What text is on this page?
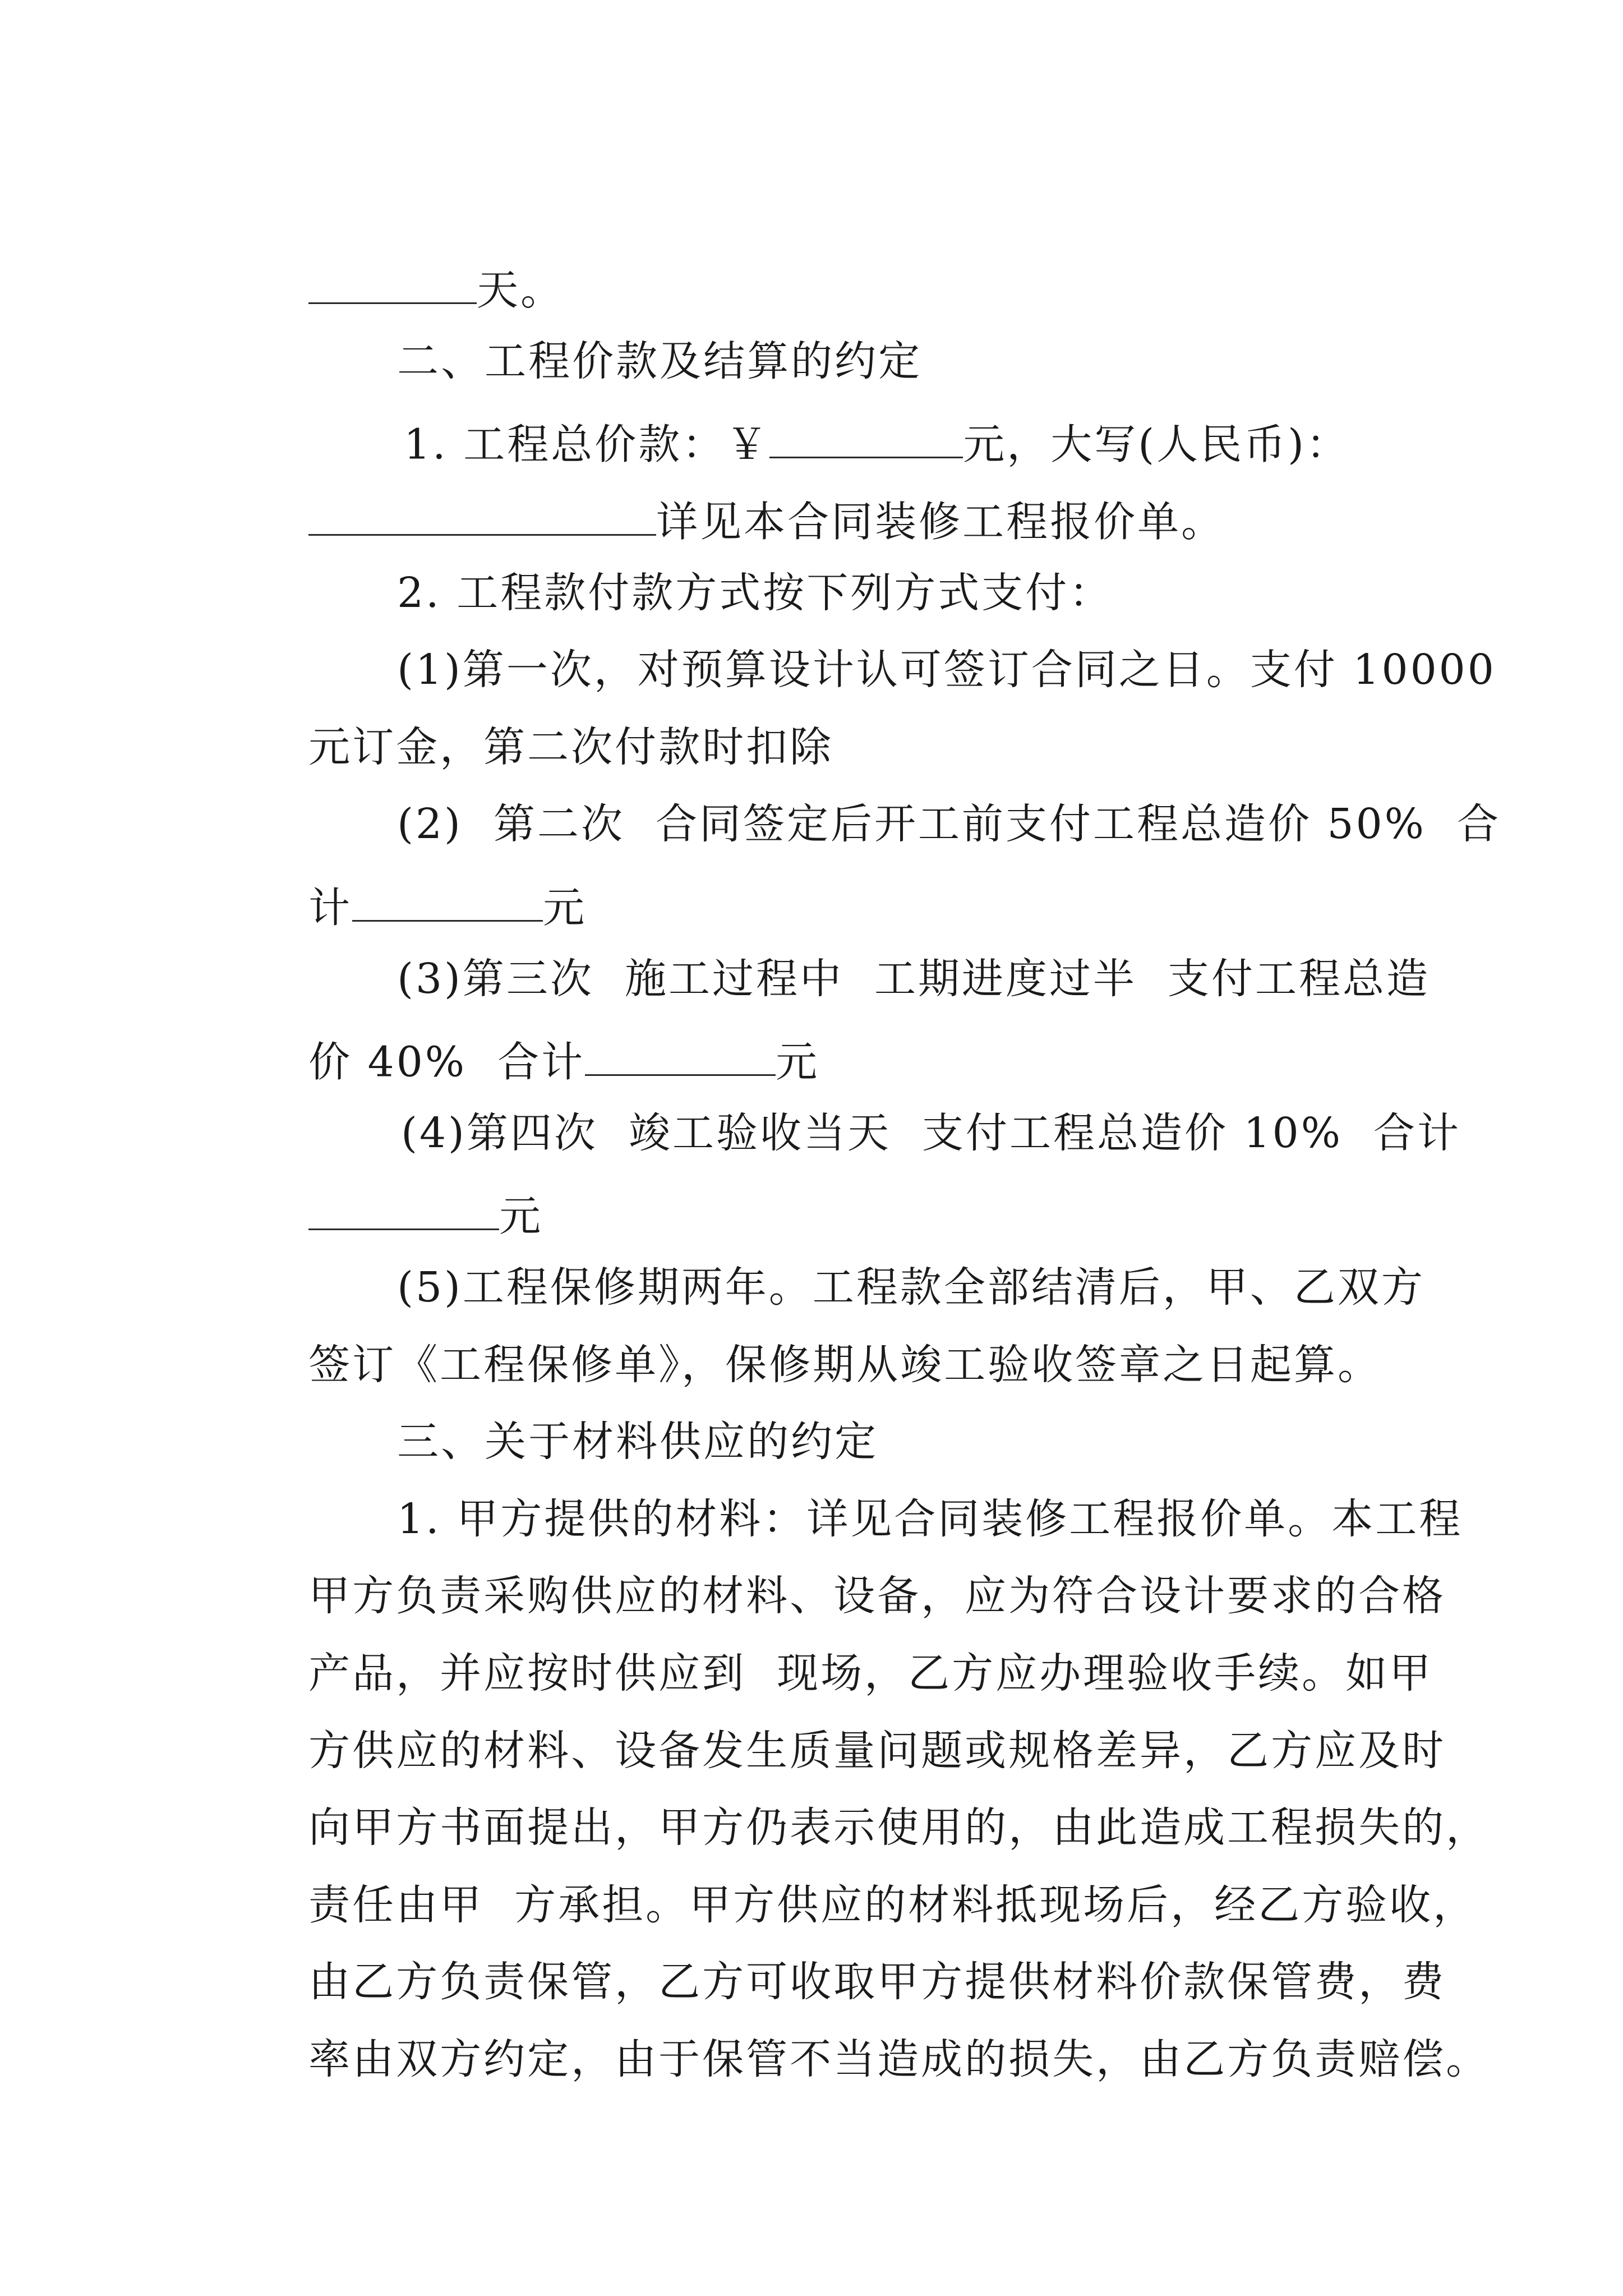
天。

二、工程价款及结算的约定

1. 工程总价款：￥	元，大写(人民币)：

详见本合同装修工程报价单。

2. 工程款付款方式按下列方式支付：

(1)第一次，对预算设计认可签订合同之日。支付 10000

元订金，第二次付款时扣除

(2)  第二次  合同签定后开工前支付工程总造价 50%  合

计	元

(3)第三次  施工过程中  工期进度过半  支付工程总造

价 40%  合计	元

(4)第四次  竣工验收当天  支付工程总造价 10%  合计

元

(5)工程保修期两年。工程款全部结清后，甲、乙双方

签订《工程保修单》，保修期从竣工验收签章之日起算。

三、关于材料供应的约定

1. 甲方提供的材料：详见合同装修工程报价单。本工程

甲方负责采购供应的材料、设备，应为符合设计要求的合格

产品，并应按时供应到  现场，乙方应办理验收手续。如甲

方供应的材料、设备发生质量问题或规格差异，乙方应及时

向甲方书面提出，甲方仍表示使用的，由此造成工程损失的，

责任由甲  方承担。甲方供应的材料抵现场后，经乙方验收，

由乙方负责保管，乙方可收取甲方提供材料价款保管费，费

率由双方约定，由于保管不当造成的损失，由乙方负责赔偿。
